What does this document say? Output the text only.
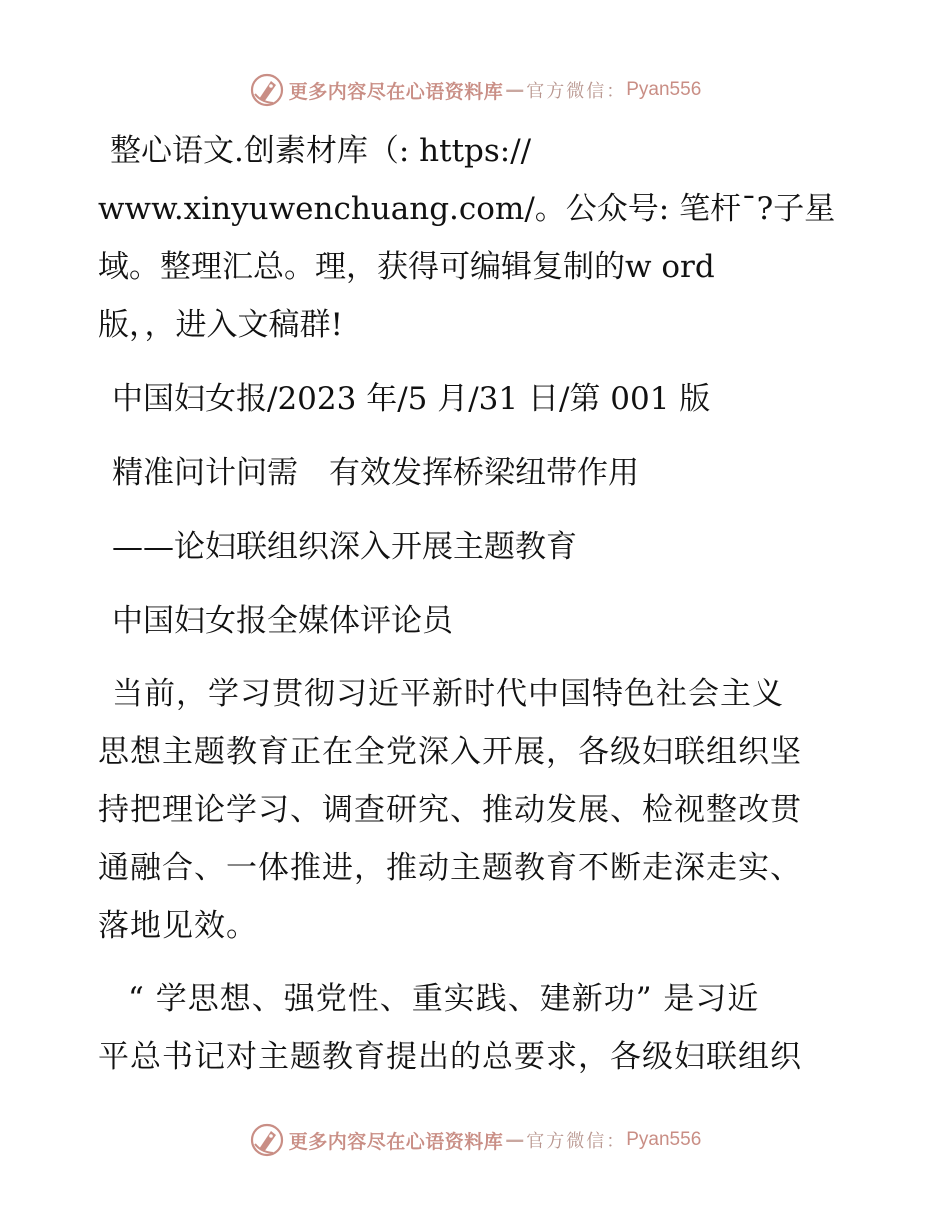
更多内容尽在心语资料库 — 官方微信： Pyan556
整心语文.创素材库（: https://
www.xinyuwenchuang.com/。公众号: 笔杆¯?子星
域。整理汇总。理，获得可编辑复制的w ord
版，，进入文稿群!
中国妇女报/2023 年/5 月/31 日/第 001 版
精准问计问需　有效发挥桥梁纽带作用
——论妇联组织深入开展主题教育
中国妇女报全媒体评论员
当前，学习贯彻习近平新时代中国特色社会主义
思想主题教育正在全党深入开展，各级妇联组织坚
持把理论学习、调查研究、推动发展、检视整改贯
通融合、一体推进，推动主题教育不断走深走实、
落地见效。
“ 学思想、强党性、重实践、建新功” 是习近
平总书记对主题教育提出的总要求，各级妇联组织
更多内容尽在心语资料库 — 官方微信： Pyan556
